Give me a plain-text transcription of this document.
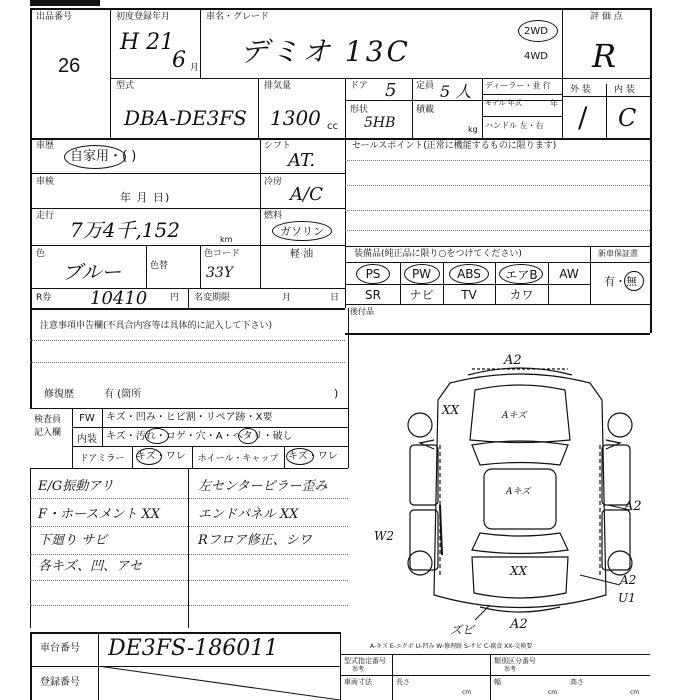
出品番号
26
初度登録年月
H 21
6 月
車名・グレード
デミオ 13C
2WD
4WD
評 価 点
R
外 装	内 装
/ C
型式
DBA-DE3FS
排気量
1300 cc
ドア 5 定員 5 人
形状
5HB
積載
kg
ディーラー・並 行
モデル 年式	年
ハンドル 左・右
車歴
自家用・( )
シフト
AT.
車検
年 月 日)
冷房
A/C
走行
7万4千,152	km
燃料
ガソリン
軽 油
色
ブルー	色替
色コード
33Y
R券 10410	円 名変期限	月	日
セールスポイント(正常に機能するものに限ります)
装備品(純正品に限り○をつけてください)	新車保証書
有・無
PS	PW	ABS	エアB	AW
SR	ナビ	TV	カワ
後付品
注意事項申告欄(不具合内容等は具体的に記入して下さい)
修復歴	有 (箇所	)
検査員 記入欄
FW	キズ・凹み・ヒビ割・リペア跡・X要
内装 キズ・汚れ・コゲ・穴・A・ヘタリ・破し
ドアミラー	キズ・ワレ	ホイール・キャップ キズ・ワレ
E/G振動アリ
F・ホースメント XX
下廻り サビ
各キズ、凹、アセ
左センターピラー歪み
エンドパネル XX
Rフロア修正、シワ
A2
XX	Aキズ
Aキズ
A2
W2
XX
A2
U1
ズビ	A2
A-キズ E-エクボ U-凹み W-修理跡 S-サビ C-腐食 XX-交換要
車台番号 DE3FS-186011
登録番号
型式指定番号
参考
類別区分番号
参考
車両寸法	長さ
cm
幅
cm
高さ
cm
